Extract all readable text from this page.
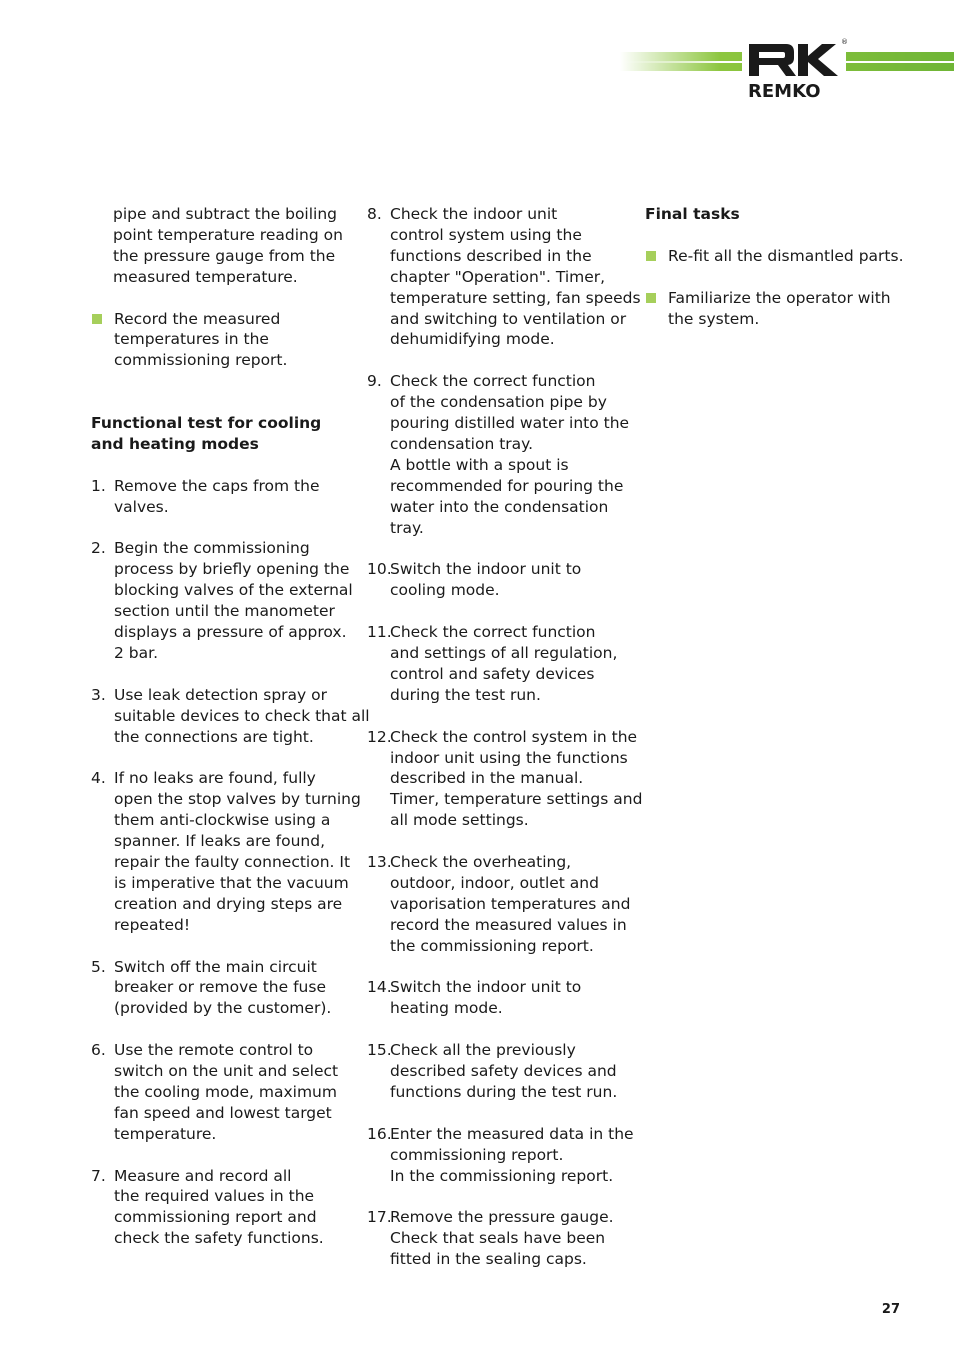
®
REMKO
pipe and subtract the boiling
point temperature reading on
the pressure gauge from the
measured temperature.
Record the measured
temperatures in the
commissioning report.
Functional test for cooling
and heating modes
1. Remove the caps from the
valves.
2. Begin the commissioning
process by briefly opening the
blocking valves of the external
section until the manometer
displays a pressure of approx.
2 bar.
3. Use leak detection spray or
suitable devices to check that all
the connections are tight.
4. If no leaks are found, fully
open the stop valves by turning
them anti-clockwise using a
spanner. If leaks are found,
repair the faulty connection. It
is imperative that the vacuum
creation and drying steps are
repeated!
5. Switch off the main circuit
breaker or remove the fuse
(provided by the customer).
6. Use the remote control to
switch on the unit and select
the cooling mode, maximum
fan speed and lowest target
temperature.
7. Measure and record all
the required values in the
commissioning report and
check the safety functions.
8. Check the indoor unit
control system using the
functions described in the
chapter "Operation". Timer,
temperature setting, fan speeds
and switching to ventilation or
dehumidifying mode.
9. Check the correct function
of the condensation pipe by
pouring distilled water into the
condensation tray.
A bottle with a spout is
recommended for pouring the
water into the condensation
tray.
10.
Switch the indoor unit to
cooling mode.
11.
Check the correct function
and settings of all regulation,
control and safety devices
during the test run.
12.
Check the control system in the
indoor unit using the functions
described in the manual.
Timer, temperature settings and
all mode settings.
13.
Check the overheating,
outdoor, indoor, outlet and
vaporisation temperatures and
record the measured values in
the commissioning report.
14.
Switch the indoor unit to
heating mode.
15.
Check all the previously
described safety devices and
functions during the test run.
16.
Enter the measured data in the
commissioning report.
In the commissioning report.
17.
Remove the pressure gauge.
Check that seals have been
fitted in the sealing caps.
Final tasks
Re-fit all the dismantled parts.
Familiarize the operator with
the system.
27
